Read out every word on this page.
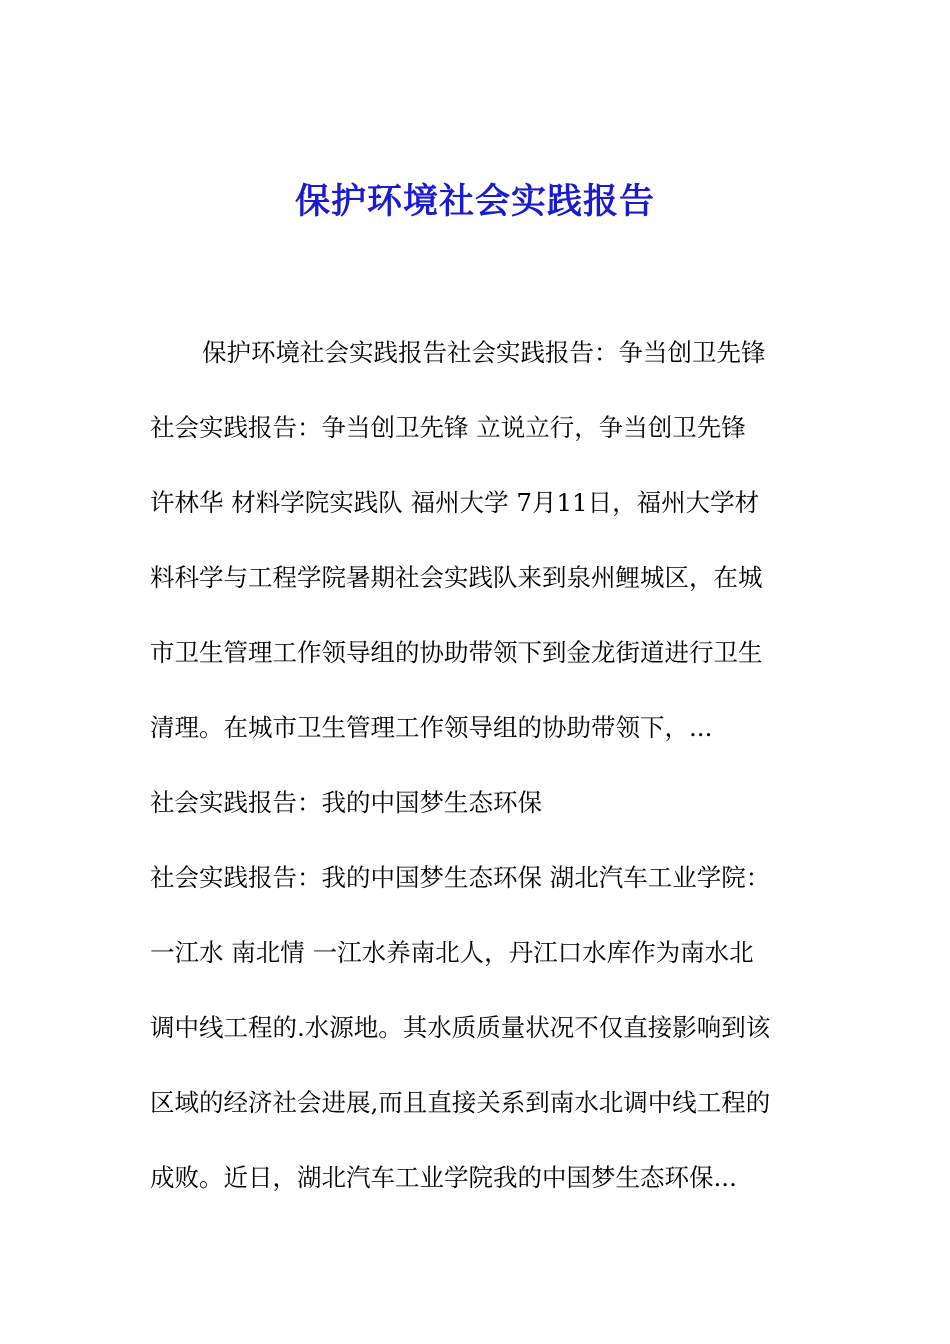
保护环境社会实践报告
保护环境社会实践报告社会实践报告：争当创卫先锋
社会实践报告：争当创卫先锋 立说立行，争当创卫先锋
许林华 材料学院实践队 福州大学 7月11日，福州大学材
料科学与工程学院暑期社会实践队来到泉州鲤城区，在城
市卫生管理工作领导组的协助带领下到金龙街道进行卫生
清理。在城市卫生管理工作领导组的协助带领下，...
社会实践报告：我的中国梦生态环保
社会实践报告：我的中国梦生态环保 湖北汽车工业学院：
一江水 南北情 一江水养南北人，丹江口水库作为南水北
调中线工程的.水源地。其水质质量状况不仅直接影响到该
区域的经济社会进展,而且直接关系到南水北调中线工程的
成败。近日，湖北汽车工业学院我的中国梦生态环保...
